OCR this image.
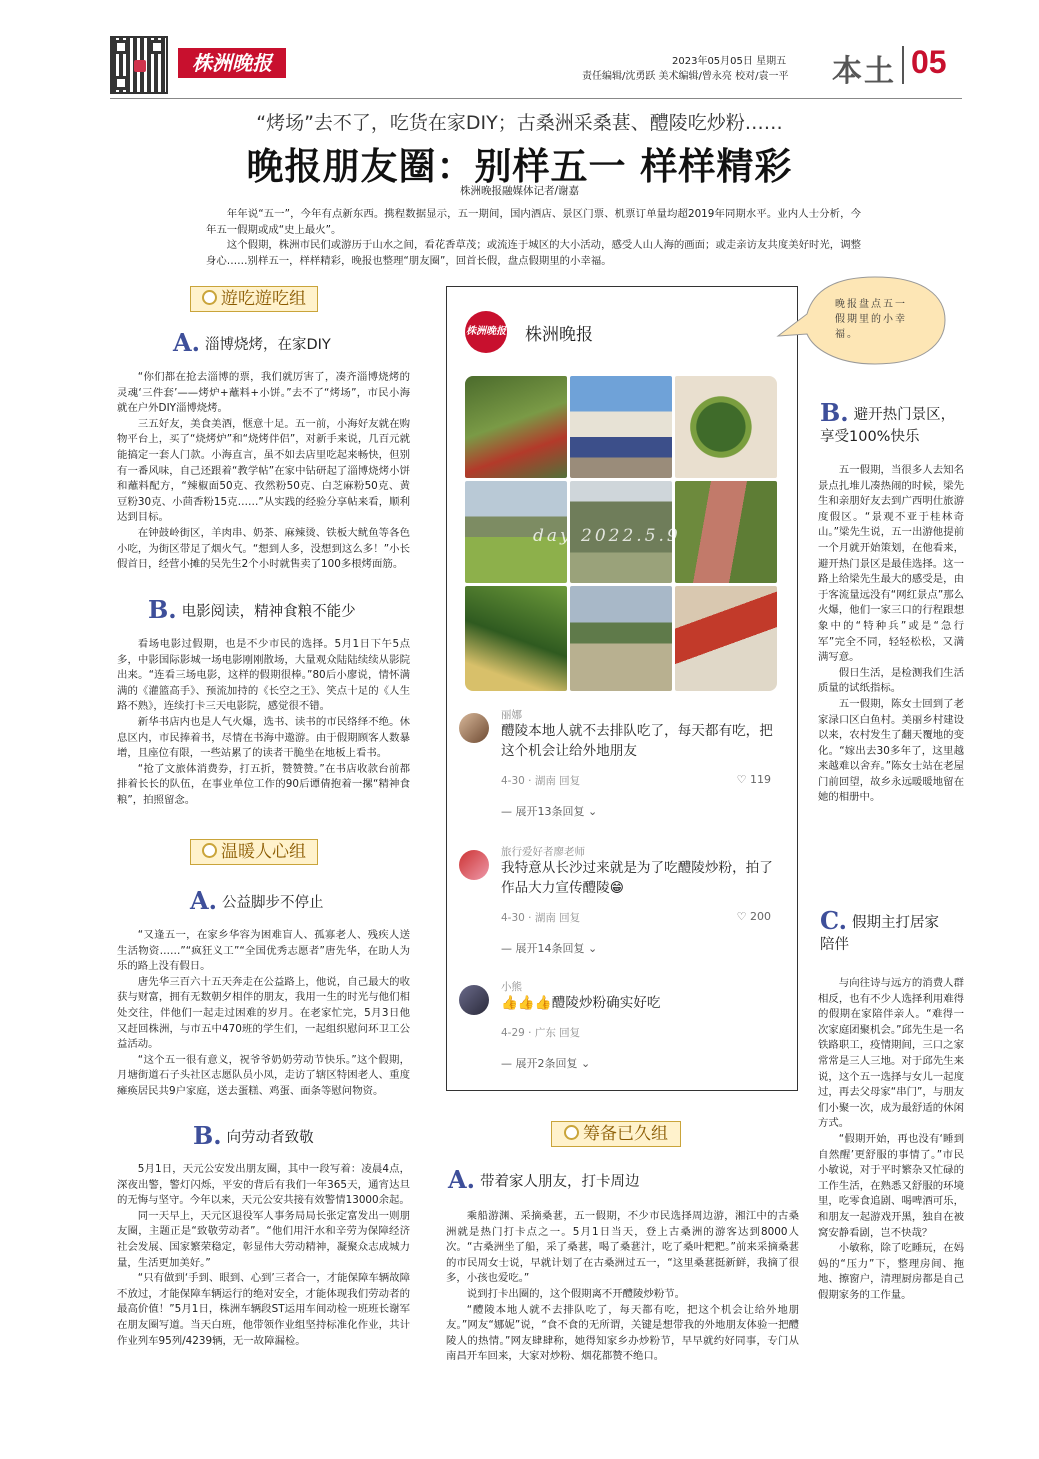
株洲晚报	2023年05月05日 星期五
责任编辑/沈勇跃 美术编辑/曾永亮 校对/袁一平 本土 05
“烤场”去不了，吃货在家DIY；古桑洲采桑葚、醴陵吃炒粉……
晚报朋友圈：别样五一 样样精彩
株洲晚报融媒体记者/谢嘉

年年说“五一”，今年有点新东西。携程数据显示，五一期间，国内酒店、景区门票、机票订单量均超2019年同期水平。业内人士分析，今年五一假期或成“史上最火”。

这个假期，株洲市民们或游历于山水之间，看花香草茂；或流连于城区的大小活动，感受人山人海的画面；或走亲访友共度美好时光，调整身心……别样五一，样样精彩，晚报也整理“朋友圈”，回首长假，盘点假期里的小幸福。

遊吃遊吃组
A. 淄博烧烤，在家DIY

“你们都在抢去淄博的票，我们就厉害了，凑齐淄博烧烤的灵魂‘三件套’——烤炉+蘸料+小饼。”去不了“烤场”，市民小海就在户外DIY淄博烧烤。

三五好友，美食美酒，惬意十足。五一前，小海好友就在购物平台上，买了“烧烤炉”和“烧烤伴侣”，对新手来说，几百元就能搞定一套人门款。小海直言，虽不如去店里吃起来畅快，但别有一番风味，自己还跟着“教学帖”在家中钻研起了淄博烧烤小饼和蘸料配方，“辣椒面50克、孜然粉50克、白芝麻粉50克、黄豆粉30克、小茴香粉15克……”从实践的经验分享帖来看，顺利达到目标。

在钟鼓岭街区，羊肉串、奶茶、麻辣烫、铁板大鱿鱼等各色小吃，为街区带足了烟火气。“想到人多，没想到这么多！”小长假首日，经营小摊的吴先生2个小时就售卖了100多根烤面筋。

B. 电影阅读，精神食粮不能少

看场电影过假期，也是不少市民的选择。5月1日下午5点多，中影国际影城一场电影刚刚散场，大量观众陆陆续续从影院出来。“连看三场电影，这样的假期很棒。”80后小廖说，情怀满满的《灌篮高手》、预流加持的《长空之王》、笑点十足的《人生路不熟》，连续打卡三天电影院，感觉很不错。

新华书店内也是人气火爆，选书、读书的市民络绎不绝。休息区内，市民捧着书，尽情在书海中遨游。由于假期顾客人数暴增，且座位有限，一些站累了的读者干脆坐在地板上看书。

“抢了文旅体消费券，打五折，赞赞赞。”在书店收款台前都排着长长的队伍，在事业单位工作的90后谭倩抱着一摞“精神食粮”，拍照留念。

温暖人心组
A. 公益脚步不停止

“又逢五一，在家乡华容为困难盲人、孤寡老人、残疾人送生活物资……”“疯狂义工”“全国优秀志愿者”唐先华，在助人为乐的路上没有假日。

唐先华三百六十五天奔走在公益路上，他说，自己最大的收获与财富，拥有无数朝夕相伴的朋友，我用一生的时光与他们相处交往，伴他们一起走过困难的岁月。在老家忙完，5月3日他又赶回株洲，与市五中470班的学生们，一起组织慰问环卫工公益活动。

“这个五一很有意义，祝爷爷奶奶劳动节快乐。”这个假期，月塘街道石子头社区志愿队员小凤，走访了辖区特困老人、重度瘫痪居民共9户家庭，送去蛋糕、鸡蛋、面条等慰问物资。

B. 向劳动者致敬

5月1日，天元公安发出朋友圈，其中一段写着：凌晨4点，深夜出警，警灯闪烁，平安的背后有我们一年365天，通宵达旦的无悔与坚守。今年以来，天元公安共接有效警情13000余起。

同一天早上，天元区退役军人事务局局长张定富发出一则朋友圈，主题正是“致敬劳动者”。“他们用汗水和辛劳为保障经济社会发展、国家繁荣稳定，彰显伟大劳动精神，凝聚众志成城力量，生活更加美好。”

“只有做到‘手到、眼到、心到’三者合一，才能保障车辆故障不放过，才能保障车辆运行的绝对安全，才能体现我们劳动者的最高价值！”5月1日，株洲车辆段ST运用车间动检一班班长谢军在朋友圈写道。当天白班，他带领作业组坚持标准化作业，共计作业列车95列/4239辆，无一故障漏检。

株洲晚报 株洲晚报
day 2022.5.9
丽娜
醴陵本地人就不去排队吃了，每天都有吃，把这个机会让给外地朋友
4-30 · 湖南 回复	♡ 119
— 展开13条回复 ⌄
旅行爱好者廖老师
我特意从长沙过来就是为了吃醴陵炒粉，拍了作品大力宣传醴陵😁
4-30 · 湖南 回复	♡ 200
— 展开14条回复 ⌄
小熊
👍👍👍醴陵炒粉确实好吃
4-29 · 广东 回复
— 展开2条回复 ⌄
晚报盘点五一假期里的小幸福。
B. 避开热门景区，
享受100%快乐

五一假期，当很多人去知名景点扎堆儿凑热闹的时候，梁先生和亲朋好友去到广西明仕旅游度假区。“景观不亚于桂林奇山。”梁先生说，五一出游他提前一个月就开始策划，在他看来，避开热门景区是最佳选择。这一路上给梁先生最大的感受是，由于客流量远没有“网红景点”那么火爆，他们一家三口的行程跟想象中的“特种兵”或是“急行军”完全不同，轻轻松松，又满满写意。

假日生活，是检测我们生活质量的试纸指标。

五一假期，陈女士回到了老家渌口区白鱼村。美丽乡村建设以来，农村发生了翻天覆地的变化。“嫁出去30多年了，这里越来越难以舍弃。”陈女士站在老屋门前回望，故乡永远暖暖地留在她的相册中。

C. 假期主打居家
陪伴

与向往诗与远方的消费人群相反，也有不少人选择利用难得的假期在家陪伴亲人。“难得一次家庭团聚机会。”邱先生是一名铁路职工，疫情期间，三口之家常常是三人三地。对于邱先生来说，这个五一选择与女儿一起度过，再去父母家“串门”，与朋友们小聚一次，成为最舒适的休闲方式。

“假期开始，再也没有‘睡到自然醒’更舒服的事情了。”市民小敏说，对于平时繁杂又忙碌的工作生活，在熟悉又舒服的环境里，吃零食追剧、喝啤酒可乐，和朋友一起游戏开黑，独自在被窝安静看剧，岂不快哉？

小敏称，除了吃睡玩，在妈妈的“压力”下，整理房间、拖地、擦窗户，清理厨房都是自己假期家务的工作量。

筹备已久组
A. 带着家人朋友，打卡周边

乘船游渊、采摘桑葚，五一假期，不少市民选择周边游，湘江中的古桑洲就是热门打卡点之一。5月1日当天，登上古桑洲的游客达到8000人次。“古桑洲坐了船，采了桑葚，喝了桑葚汁，吃了桑叶粑粑。”前来采摘桑葚的市民周女士说，早就计划了在古桑洲过五一，“这里桑葚挺新鲜，我摘了很多，小孩也爱吃。”

说到打卡出圈的，这个假期离不开醴陵炒粉节。

“醴陵本地人就不去排队吃了，每天都有吃，把这个机会让给外地朋友。”网友“娜妮”说，“食不食的无所谓，关键是想带我的外地朋友体验一把醴陵人的热情。”网友肆肆称，她得知家乡办炒粉节，早早就约好同事，专门从南昌开车回来，大家对炒粉、烟花都赞不绝口。
